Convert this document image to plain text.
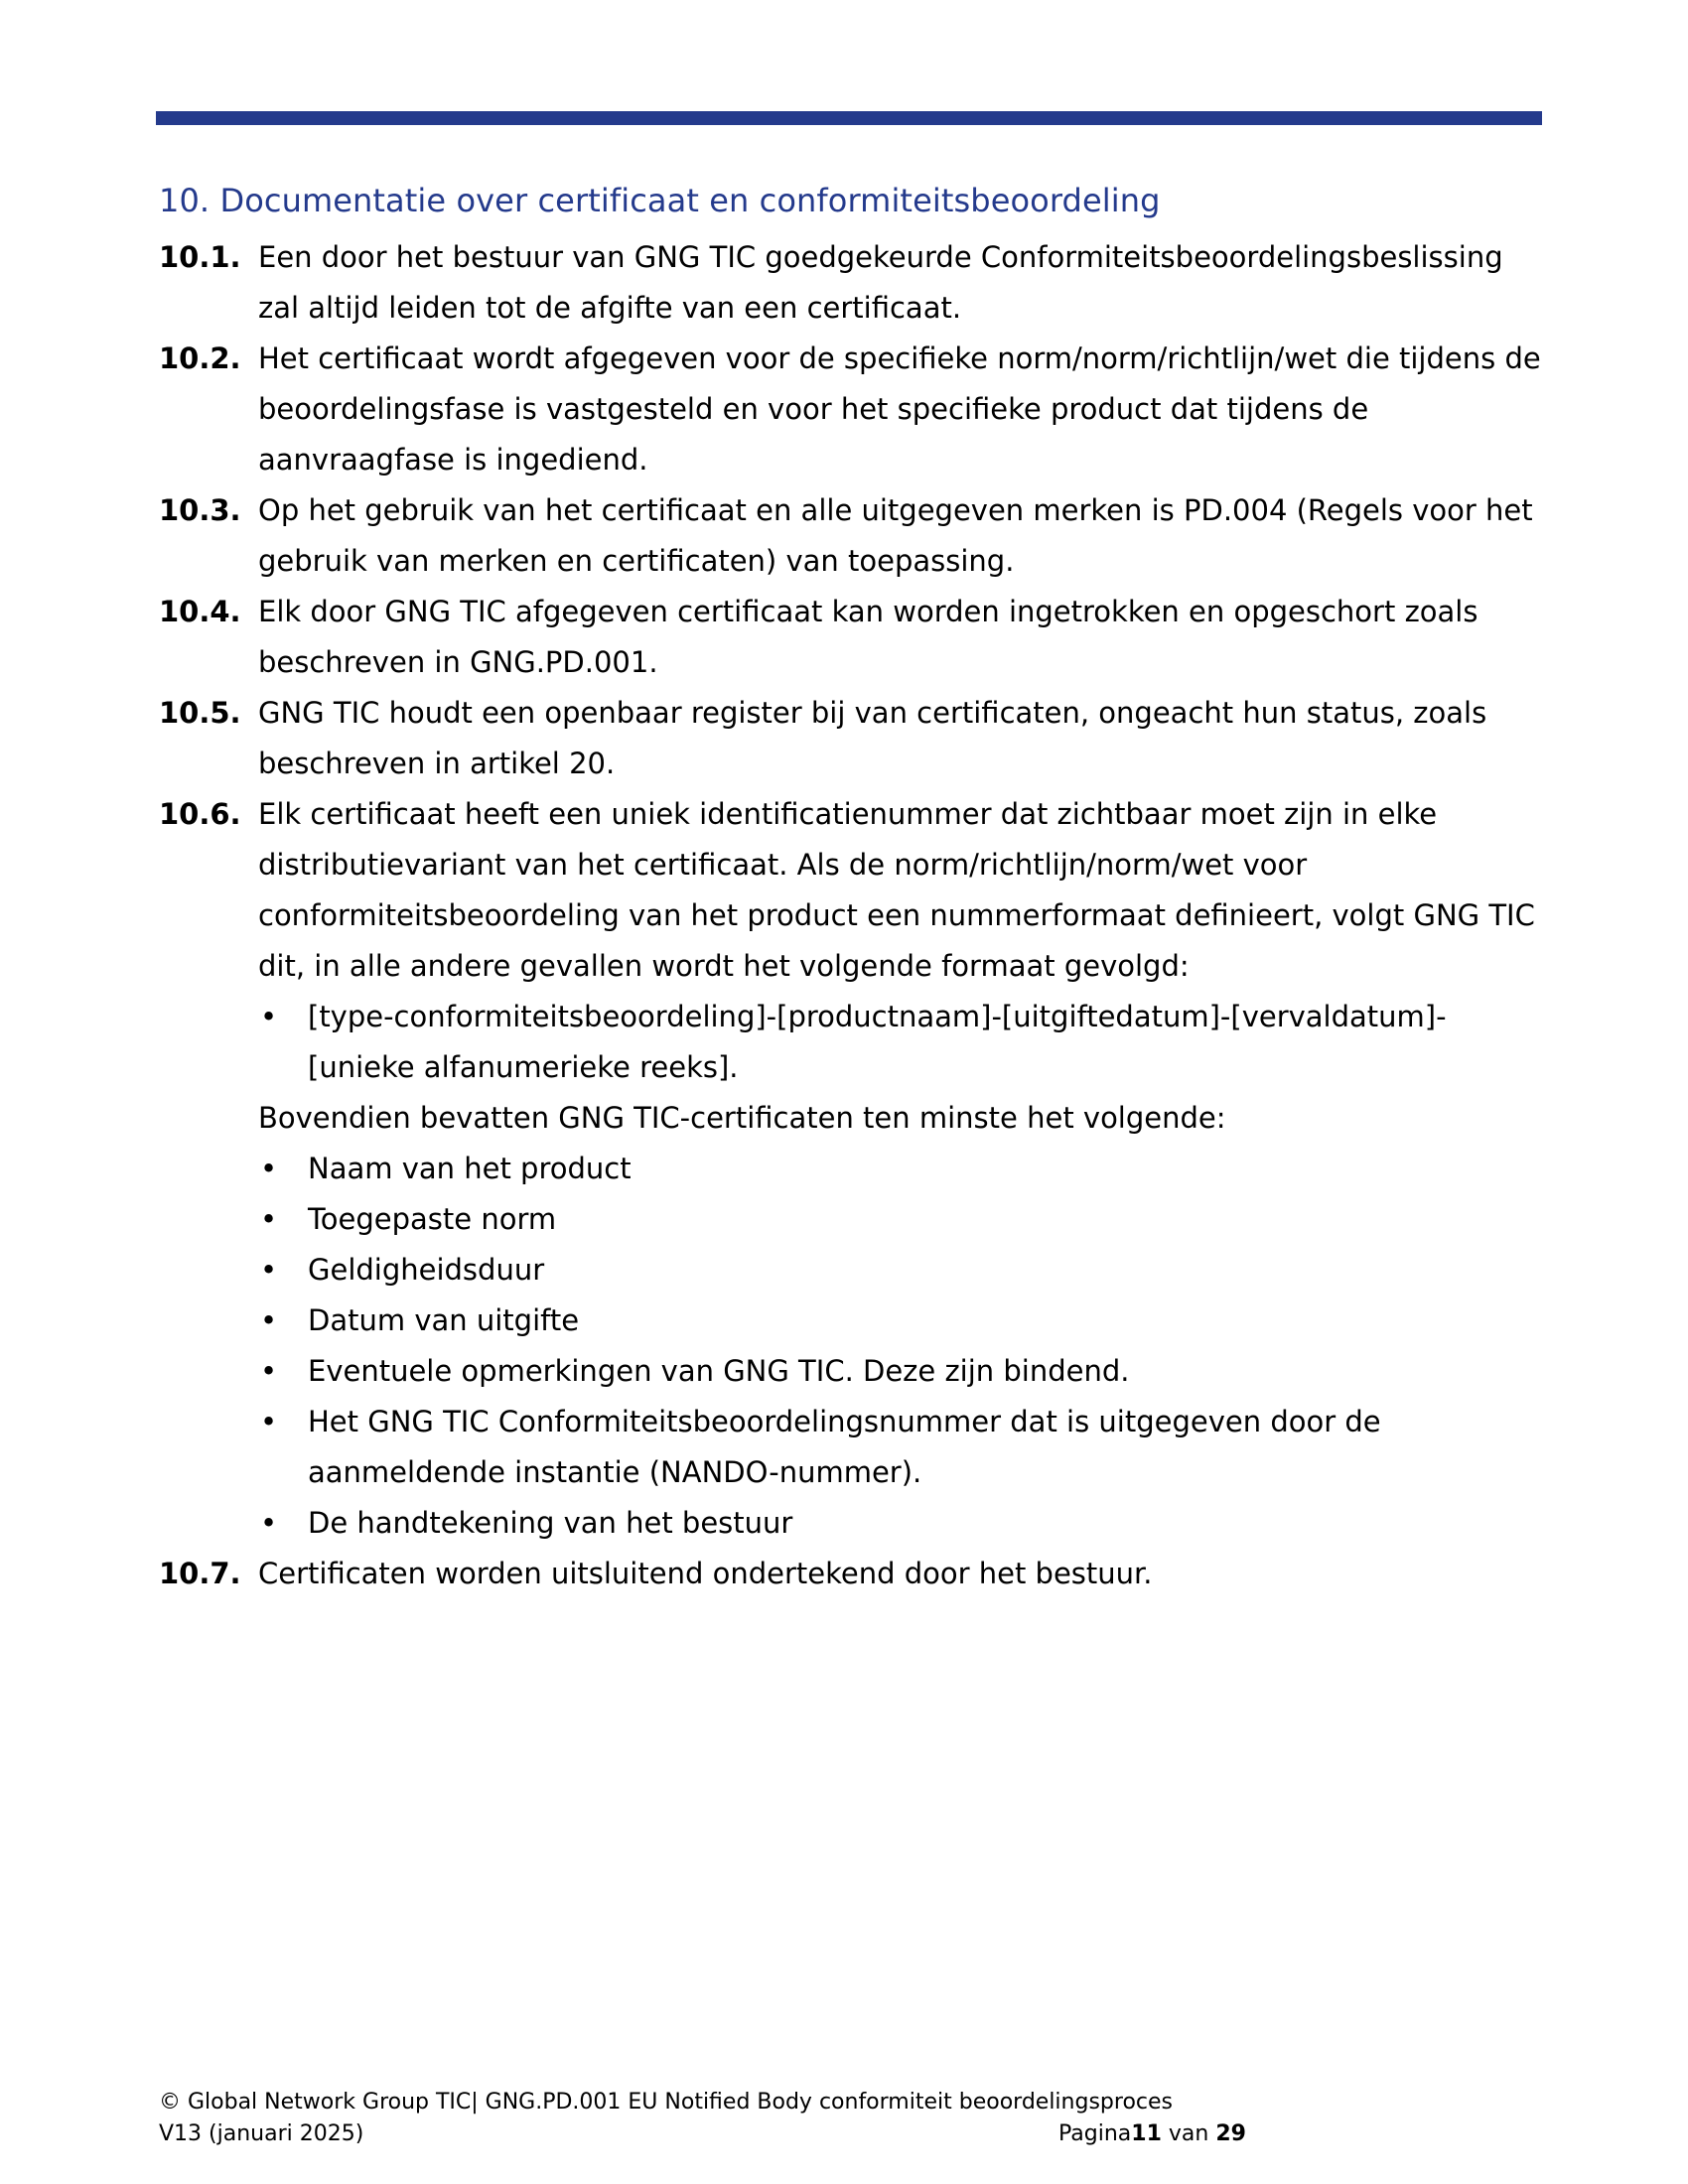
10. Documentatie over certificaat en conformiteitsbeoordeling
10.1. Een door het bestuur van GNG TIC goedgekeurde Conformiteitsbeoordelingsbeslissing zal altijd leiden tot de afgifte van een certificaat.
10.2. Het certificaat wordt afgegeven voor de specifieke norm/norm/richtlijn/wet die tijdens de beoordelingsfase is vastgesteld en voor het specifieke product dat tijdens de aanvraagfase is ingediend.
10.3. Op het gebruik van het certificaat en alle uitgegeven merken is PD.004 (Regels voor het gebruik van merken en certificaten) van toepassing.
10.4. Elk door GNG TIC afgegeven certificaat kan worden ingetrokken en opgeschort zoals beschreven in GNG.PD.001.
10.5. GNG TIC houdt een openbaar register bij van certificaten, ongeacht hun status, zoals beschreven in artikel 20.
10.6. Elk certificaat heeft een uniek identificatienummer dat zichtbaar moet zijn in elke distributievariant van het certificaat. Als de norm/richtlijn/norm/wet voor conformiteitsbeoordeling van het product een nummerformaat definieert, volgt GNG TIC dit, in alle andere gevallen wordt het volgende formaat gevolgd:
• [type-conformiteitsbeoordeling]-[productnaam]-[uitgiftedatum]-[vervaldatum]-[unieke alfanumerieke reeks].
Bovendien bevatten GNG TIC-certificaten ten minste het volgende:
• Naam van het product
• Toegepaste norm
• Geldigheidsduur
• Datum van uitgifte
• Eventuele opmerkingen van GNG TIC. Deze zijn bindend.
• Het GNG TIC Conformiteitsbeoordelingsnummer dat is uitgegeven door de aanmeldende instantie (NANDO-nummer).
• De handtekening van het bestuur
10.7. Certificaten worden uitsluitend ondertekend door het bestuur.
© Global Network Group TIC| GNG.PD.001 EU Notified Body conformiteit beoordelingsproces
V13 (januari 2025)	Pagina11 van 29
